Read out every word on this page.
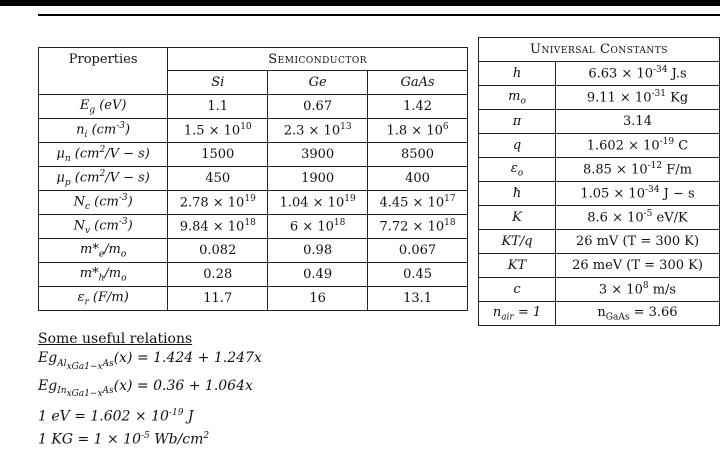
Properties	Semiconductor		
	Si	Ge	GaAs
$E_g$ (eV)	1.1	0.67	1.42
$n_i$ $(cm^{-3})$	$1.5 \times 10^{10}$	$2.3 \times 10^{13}$	$1.8 \times 10^6$
$\mu_n$ $(cm^2/V - s)$	1500	3900	8500
$\mu_p$ $(cm^2/V - s)$	450	1900	400
$N_c$ $(cm^{-3})$	$2.78 \times 10^{19}$	$1.04 \times 10^{19}$	$4.45 \times 10^{17}$
$N_v$ $(cm^{-3})$	$9.84 \times 10^{18}$	$6 \times 10^{18}$	$7.72 \times 10^{18}$
$m*_e/m_o$	0.082	0.98	0.067
$m*_h/m_o$	0.28	0.49	0.45
$\varepsilon_r$ (F/m)	11.7	16	13.1
Universal Constants	
h	$6.63 \times 10^{-34}$ J.s
$m_o$	$9.11 \times 10^{-31}$ Kg
π	3.14
q	$1.602 \times 10^{-19}$ C
$\varepsilon_o$	$8.85 \times 10^{-12}$ F/m
ħ	$1.05 \times 10^{-34}$ J − s
K	$8.6 \times 10^{-5}$ eV/K
KT/q	26 mV (T = 300 K)
KT	26 meV (T = 300 K)
c	$3 \times 10^8$ m/s
$n_{air} = 1$	$n_{GaAs} = 3.66$
Some useful relations
$Eg_{Al_{xGa1-x}As}(x) = 1.424 + 1.247x$
$Eg_{In_{xGa1-x}As}(x) = 0.36 + 1.064x$
1 eV = $1.602 \times 10^{-19}$ J
1 KG = $1 \times 10^{-5}$ $Wb/cm^2$
